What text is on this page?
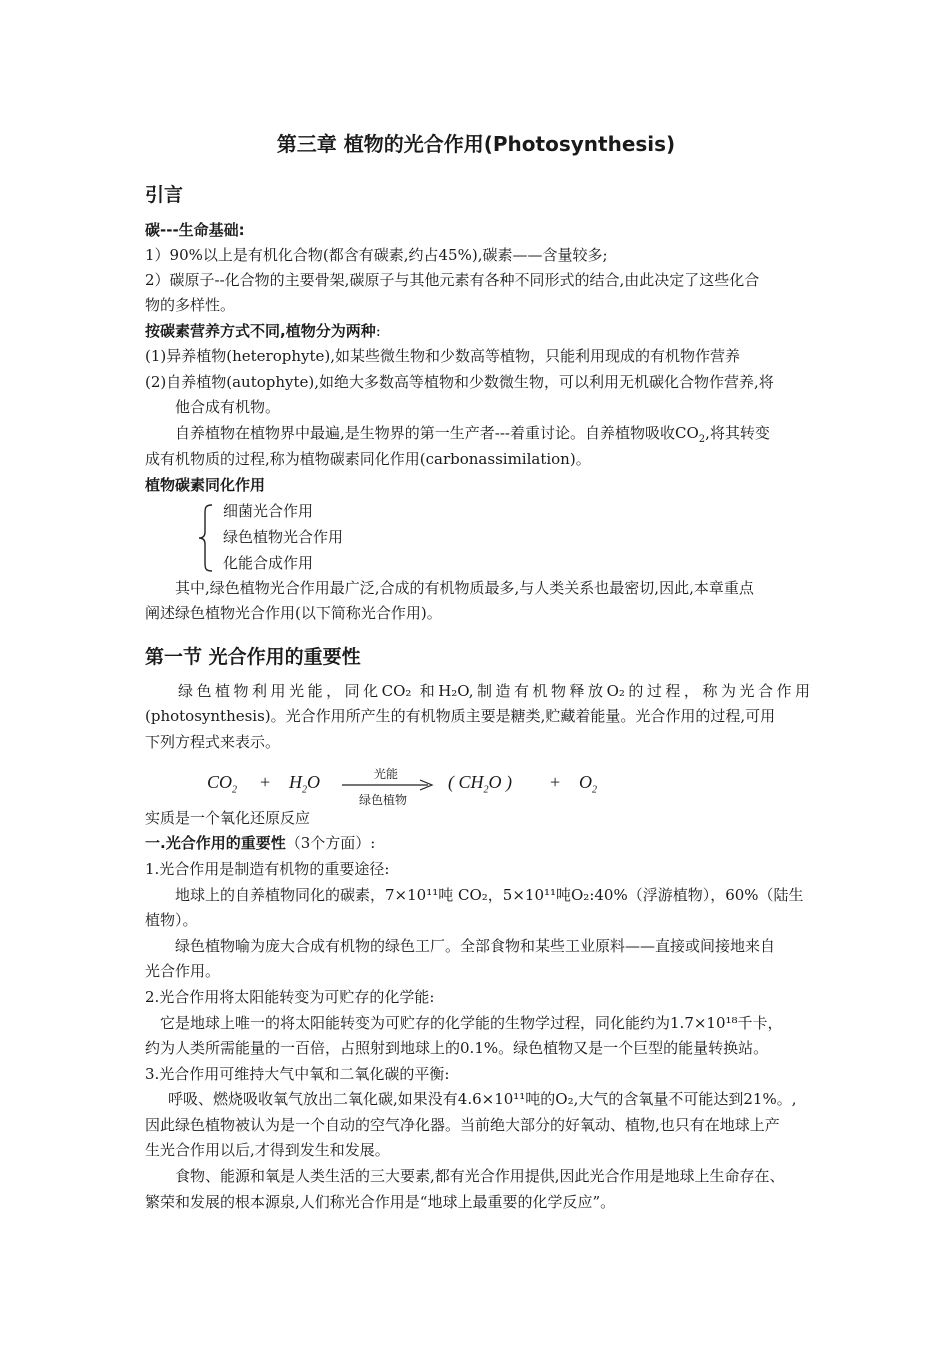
第三章 植物的光合作用(Photosynthesis)
引言
碳---生命基础:
1）90%以上是有机化合物(都含有碳素,约占45%),碳素——含量较多;
2）碳原子--化合物的主要骨架,碳原子与其他元素有各种不同形式的结合,由此决定了这些化合
物的多样性。
按碳素营养方式不同,植物分为两种:
(1)异养植物(heterophyte),如某些微生物和少数高等植物，只能利用现成的有机物作营养
(2)自养植物(autophyte),如绝大多数高等植物和少数微生物，可以利用无机碳化合物作营养,将
他合成有机物。
自养植物在植物界中最遍,是生物界的第一生产者---着重讨论。自养植物吸收$CO_2$,将其转变
成有机物质的过程,称为植物碳素同化作用(carbonassimilation)。
植物碳素同化作用
细菌光合作用
绿色植物光合作用
化能合成作用
其中,绿色植物光合作用最广泛,合成的有机物质最多,与人类关系也最密切,因此,本章重点
阐述绿色植物光合作用(以下简称光合作用)。
第一节 光合作用的重要性
绿色植物利用光能，同化CO₂ 和H₂O,制造有机物释放O₂的过程，称为光合作用
(photosynthesis)。光合作用所产生的有机物质主要是糖类,贮藏着能量。光合作用的过程,可用
下列方程式来表示。
$CO_2 + H_2O$	光能
绿色植物
( $CH_2O$ ) + $O_2$
实质是一个氧化还原反应
一.光合作用的重要性（3个方面）:
1.光合作用是制造有机物的重要途径:
地球上的自养植物同化的碳素，7×10¹¹吨 CO₂，5×10¹¹吨O₂:40%（浮游植物），60%（陆生
植物）。
绿色植物喻为庞大合成有机物的绿色工厂。全部食物和某些工业原料——直接或间接地来自
光合作用。
2.光合作用将太阳能转变为可贮存的化学能:
它是地球上唯一的将太阳能转变为可贮存的化学能的生物学过程，同化能约为1.7×10¹⁸千卡，
约为人类所需能量的一百倍，占照射到地球上的0.1%。绿色植物又是一个巨型的能量转换站。
3.光合作用可维持大气中氧和二氧化碳的平衡:
呼吸、燃烧吸收氧气放出二氧化碳,如果没有4.6×10¹¹吨的O₂,大气的含氧量不可能达到21%。,
因此绿色植物被认为是一个自动的空气净化器。当前绝大部分的好氧动、植物,也只有在地球上产
生光合作用以后,才得到发生和发展。
食物、能源和氧是人类生活的三大要素,都有光合作用提供,因此光合作用是地球上生命存在、
繁荣和发展的根本源泉,人们称光合作用是“地球上最重要的化学反应”。
